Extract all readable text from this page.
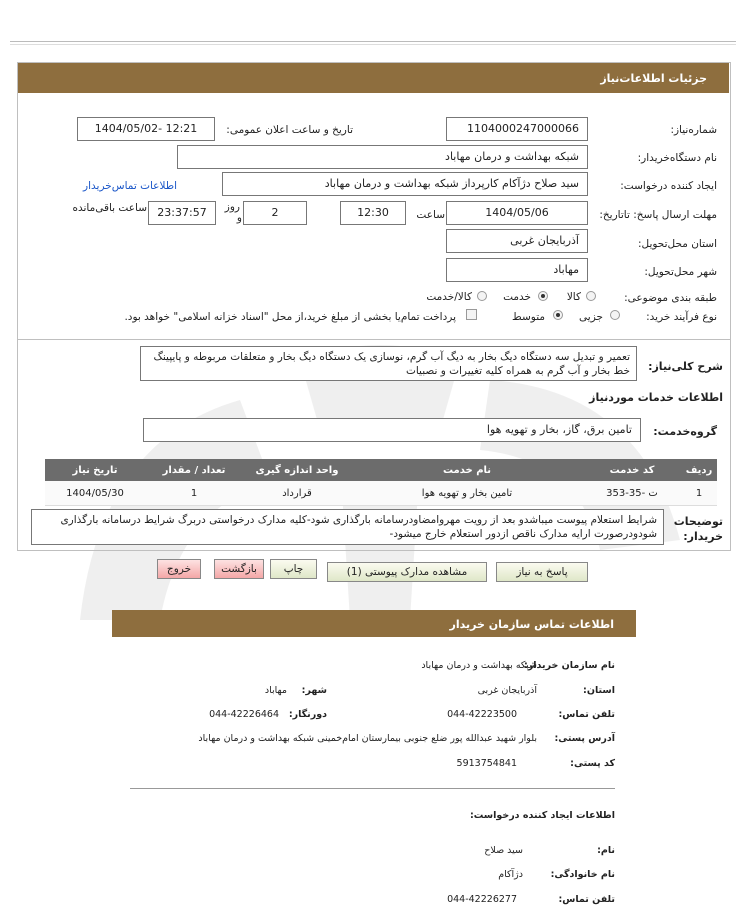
جزئیات اطلاعات‌نیاز
شماره‌نیاز:
1104000247000066
تاریخ و ساعت اعلان عمومی:
1404/05/02- 12:21
نام دستگاه‌خریدار:
شبکه بهداشت و درمان مهاباد
ایجاد کننده درخواست:
سید صلاح دژآکام کارپرداز شبکه بهداشت و درمان مهاباد
اطلاعات تماس‌خریدار
مهلت ارسال پاسخ: تاتاریخ:
1404/05/06
ساعت
12:30
2
روز
و
23:37:57
ساعت باقی‌مانده
استان محل‌تحویل:
آذربایجان غربی
شهر محل‌تحویل:
مهاباد
طبقه بندی موضوعی:
کالا
خدمت
کالا/خدمت
نوع فرآیند خرید:
جزیی
متوسط
پرداخت تمام‌یا بخشی از مبلغ خرید،از محل "اسناد خزانه اسلامی" خواهد بود.
شرح کلی‌نیاز:
تعمیر و تبدیل سه دستگاه دیگ بخار به دیگ آب گرم، نوسازی یک دستگاه دیگ بخار و متعلقات مربوطه و پایپینگ خط بخار و آب گرم به همراه کلیه تغییرات و نصبیات
اطلاعات خدمات موردنیاز
گروه‌خدمت:
تامین برق، گاز، بخار و تهویه هوا
ردیف	کد خدمت	نام خدمت	واحد اندازه گیری	تعداد / مقدار	تاریخ نیاز
1	ت -35-353	تامین بخار و تهویه هوا	قرارداد	1	1404/05/30
توضیحات
خریدار:
شرایط استعلام پیوست میباشدو بعد از رویت مهروامضاودرسامانه بارگذاری شود-کلیه مدارک درخواستی دربرگ شرایط درسامانه بارگذاری شودودرصورت ارایه مدارک ناقص ازدور استعلام خارج میشود-
پاسخ به نیاز
مشاهده مدارک پیوستی (1)
چاپ
بازگشت
خروج
اطلاعات تماس سازمان خریدار
نام سازمان خریدار:
شبکه بهداشت و درمان مهاباد
استان:
آذربایجان غربی
شهر:
مهاباد
تلفن تماس:
044-42223500
دورنگار:
044-42226464
آدرس پستی:
بلوار شهید عبدالله پور ضلع جنوبی بیمارستان امام‌خمینی شبکه بهداشت و درمان مهاباد
کد پستی:
5913754841
اطلاعات ایجاد کننده درخواست:
نام:
سید صلاح
نام خانوادگی:
دژآکام
تلفن تماس:
044-42226277
